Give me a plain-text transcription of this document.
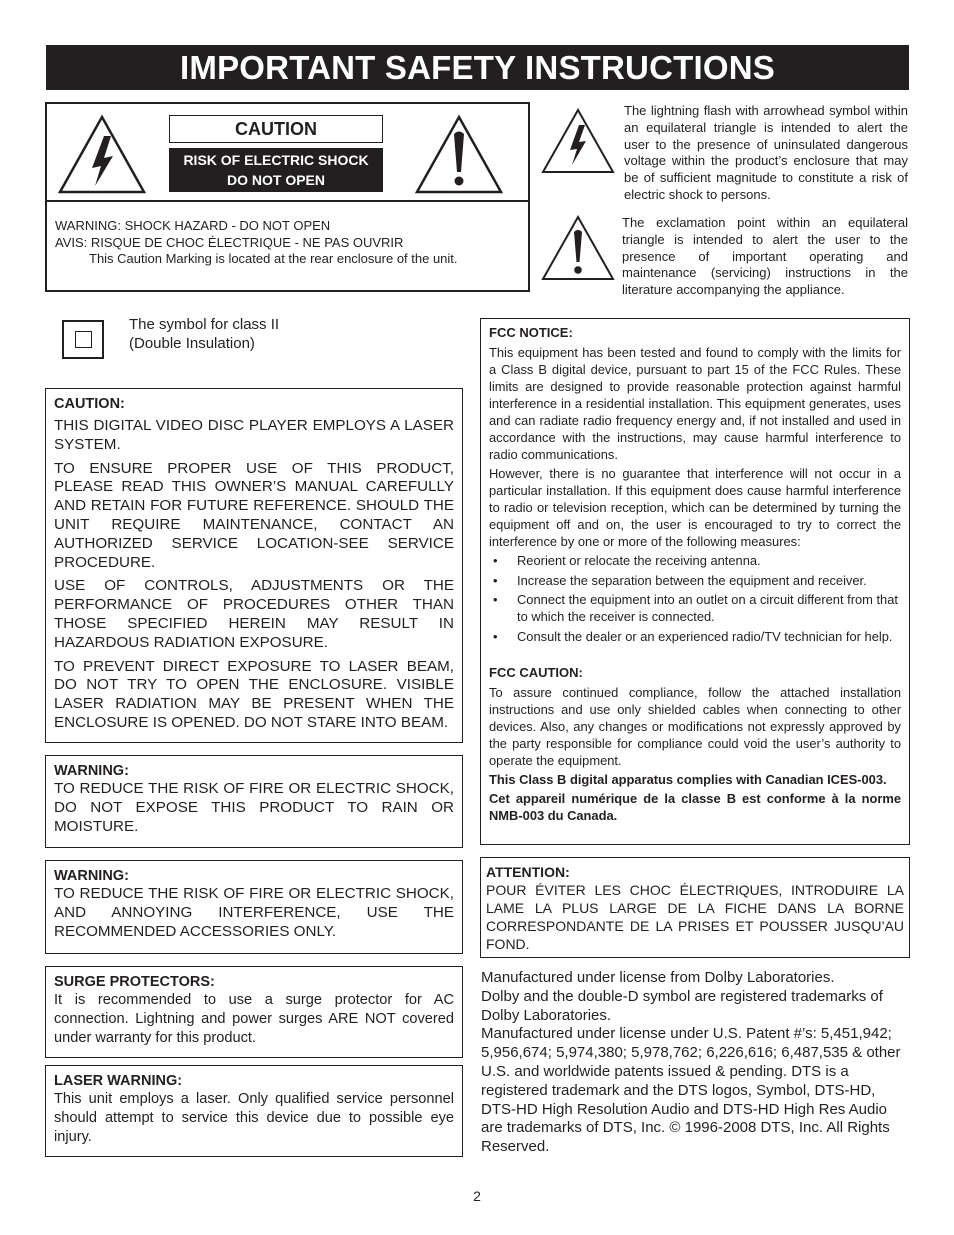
IMPORTANT SAFETY INSTRUCTIONS
CAUTION
RISK OF ELECTRIC SHOCK
DO NOT OPEN
WARNING: SHOCK HAZARD - DO NOT OPEN
AVIS: RISQUE DE CHOC ÉLECTRIQUE - NE PAS OUVRIR
This Caution Marking is located at the rear enclosure of the unit.
The lightning flash with arrowhead symbol within an equilateral triangle is intended to alert the user to the presence of uninsulated dangerous voltage within the product’s enclosure that may be of sufficient magnitude to constitute a risk of electric shock to persons.
The exclamation point within an equilateral triangle is intended to alert the user to the presence of important operating and maintenance (servicing) instructions in the literature accompanying the appliance.
The symbol for class II
(Double Insulation)
CAUTION:

THIS DIGITAL VIDEO DISC PLAYER EMPLOYS A LASER SYSTEM.

TO ENSURE PROPER USE OF THIS PRODUCT, PLEASE READ THIS OWNER’S MANUAL CAREFULLY AND RETAIN FOR FUTURE REFERENCE. SHOULD THE UNIT REQUIRE MAINTENANCE, CONTACT AN AUTHORIZED SERVICE LOCATION-SEE SERVICE PROCEDURE.

USE OF CONTROLS, ADJUSTMENTS OR THE PERFORMANCE OF PROCEDURES OTHER THAN THOSE SPECIFIED HEREIN MAY RESULT IN HAZARDOUS RADIATION EXPOSURE.

TO PREVENT DIRECT EXPOSURE TO LASER BEAM, DO NOT TRY TO OPEN THE ENCLOSURE. VISIBLE LASER RADIATION MAY BE PRESENT WHEN THE ENCLOSURE IS OPENED. DO NOT STARE INTO BEAM.

WARNING:

TO REDUCE THE RISK OF FIRE OR ELECTRIC SHOCK, DO NOT EXPOSE THIS PRODUCT TO RAIN OR MOISTURE.

WARNING:

TO REDUCE THE RISK OF FIRE OR ELECTRIC SHOCK, AND ANNOYING INTERFERENCE, USE THE RECOMMENDED ACCESSORIES ONLY.

SURGE PROTECTORS:

It is recommended to use a surge protector for AC connection. Lightning and power surges ARE NOT covered under warranty for this product.

LASER WARNING:

This unit employs a laser. Only qualified service personnel should attempt to service this device due to possible eye injury.

FCC NOTICE:

This equipment has been tested and found to comply with the limits for a Class B digital device, pursuant to part 15 of the FCC Rules. These limits are designed to provide reasonable protection against harmful interference in a residential installation. This equipment generates, uses and can radiate radio frequency energy and, if not installed and used in accordance with the instructions, may cause harmful interference to radio communications.

However, there is no guarantee that interference will not occur in a particular installation. If this equipment does cause harmful interference to radio or television reception, which can be determined by turning the equipment off and on, the user is encouraged to try to correct the interference by one or more of the following measures:

• Reorient or relocate the receiving antenna.
• Increase the separation between the equipment and receiver.
• Connect the equipment into an outlet on a circuit different from that to which the receiver is connected.
• Consult the dealer or an experienced radio/TV technician for help.
FCC CAUTION:

To assure continued compliance, follow the attached installation instructions and use only shielded cables when connecting to other devices. Also, any changes or modifications not expressly approved by the party responsible for compliance could void the user’s authority to operate the equipment.

This Class B digital apparatus complies with Canadian ICES-003.

Cet appareil numérique de la classe B est conforme à la norme NMB-003 du Canada.

ATTENTION:

POUR ÉVITER LES CHOC ÉLECTRIQUES, INTRODUIRE LA LAME LA PLUS LARGE DE LA FICHE DANS LA BORNE CORRESPONDANTE DE LA PRISES ET POUSSER JUSQU’AU FOND.

Manufactured under license from Dolby Laboratories.
Dolby and the double-D symbol are registered trademarks of Dolby Laboratories.
Manufactured under license under U.S. Patent #’s: 5,451,942; 5,956,674; 5,974,380; 5,978,762; 6,226,616; 6,487,535 & other U.S. and worldwide patents issued & pending. DTS is a registered trademark and the DTS logos, Symbol, DTS-HD, DTS-HD High Resolution Audio and DTS-HD High Res Audio are trademarks of DTS, Inc. © 1996-2008 DTS, Inc. All Rights Reserved.
2
